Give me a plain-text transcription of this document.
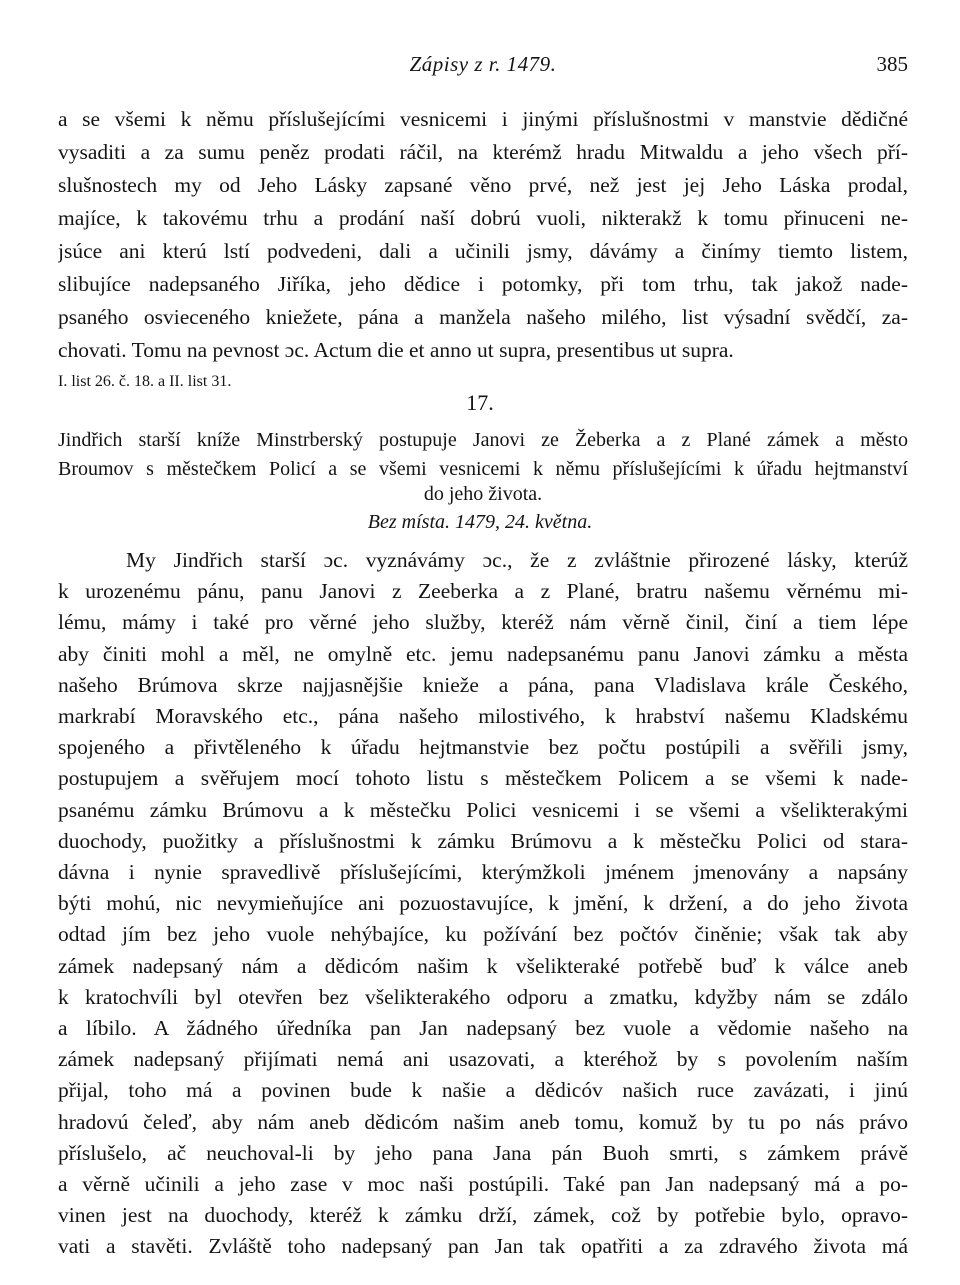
Zápisy z r. 1479.	385
a se všemi k němu příslušejícími vesnicemi i jinými příslušnostmi v manstvie dědičné
vysaditi a za sumu peněz prodati ráčil, na kterémž hradu Mitwaldu a jeho všech pří-
slušnostech my od Jeho Lásky zapsané věno prvé, než jest jej Jeho Láska prodal,
majíce, k takovému trhu a prodání naší dobrú vuoli, nikterakž k tomu přinuceni ne-
jsúce ani kterú lstí podvedeni, dali a učinili jsmy, dávámy a činímy tiemto listem,
slibujíce nadepsaného Jiříka, jeho dědice i potomky, při tom trhu, tak jakož nade-
psaného osvieceného kniežete, pána a manžela našeho milého, list výsadní svědčí, za-
chovati. Tomu na pevnost ɔc. Actum die et anno ut supra, presentibus ut supra.
I. list 26. č. 18. a II. list 31.
17.
Jindřich starší kníže Minstrberský postupuje Janovi ze Žeberka a z Plané zámek a město
Broumov s městečkem Policí a se všemi vesnicemi k němu příslušejícími k úřadu hejtmanství
do jeho života.
Bez místa. 1479, 24. května.
My Jindřich starší ɔc. vyznávámy ɔc., že z zvláštnie přirozené lásky, kterúž
k urozenému pánu, panu Janovi z Zeeberka a z Plané, bratru našemu věrnému mi-
lému, mámy i také pro věrné jeho služby, kteréž nám věrně činil, činí a tiem lépe
aby činiti mohl a měl, ne omylně etc. jemu nadepsanému panu Janovi zámku a města
našeho Brúmova skrze najjasnějšie knieže a pána, pana Vladislava krále Českého,
markrabí Moravského etc., pána našeho milostivého, k hrabství našemu Kladskému
spojeného a přivtěleného k úřadu hejtmanstvie bez počtu postúpili a svěřili jsmy,
postupujem a svěřujem mocí tohoto listu s městečkem Policem a se všemi k nade-
psanému zámku Brúmovu a k městečku Polici vesnicemi i se všemi a všelikterakými
duochody, puožitky a příslušnostmi k zámku Brúmovu a k městečku Polici od stara-
dávna i nynie spravedlivě příslušejícími, kterýmžkoli jménem jmenovány a napsány
býti mohú, nic nevymieňujíce ani pozuostavujíce, k jmění, k držení, a do jeho života
odtad jím bez jeho vuole nehýbajíce, ku požívání bez počtóv činěnie; však tak aby
zámek nadepsaný nám a dědicóm našim k všelikteraké potřebě buď k válce aneb
k kratochvíli byl otevřen bez všelikterakého odporu a zmatku, kdyžby nám se zdálo
a líbilo. A žádného úředníka pan Jan nadepsaný bez vuole a vědomie našeho na
zámek nadepsaný přijímati nemá ani usazovati, a kteréhož by s povolením naším
přijal, toho má a povinen bude k našie a dědicóv našich ruce zavázati, i jinú
hradovú čeleď, aby nám aneb dědicóm našim aneb tomu, komuž by tu po nás právo
příslušelo, ač neuchoval-li by jeho pana Jana pán Buoh smrti, s zámkem právě
a věrně učinili a jeho zase v moc naši postúpili. Také pan Jan nadepsaný má a po-
vinen jest na duochody, kteréž k zámku drží, zámek, což by potřebie bylo, opravo-
vati a stavěti. Zvláště toho nadepsaný pan Jan tak opatřiti a za zdravého života má
